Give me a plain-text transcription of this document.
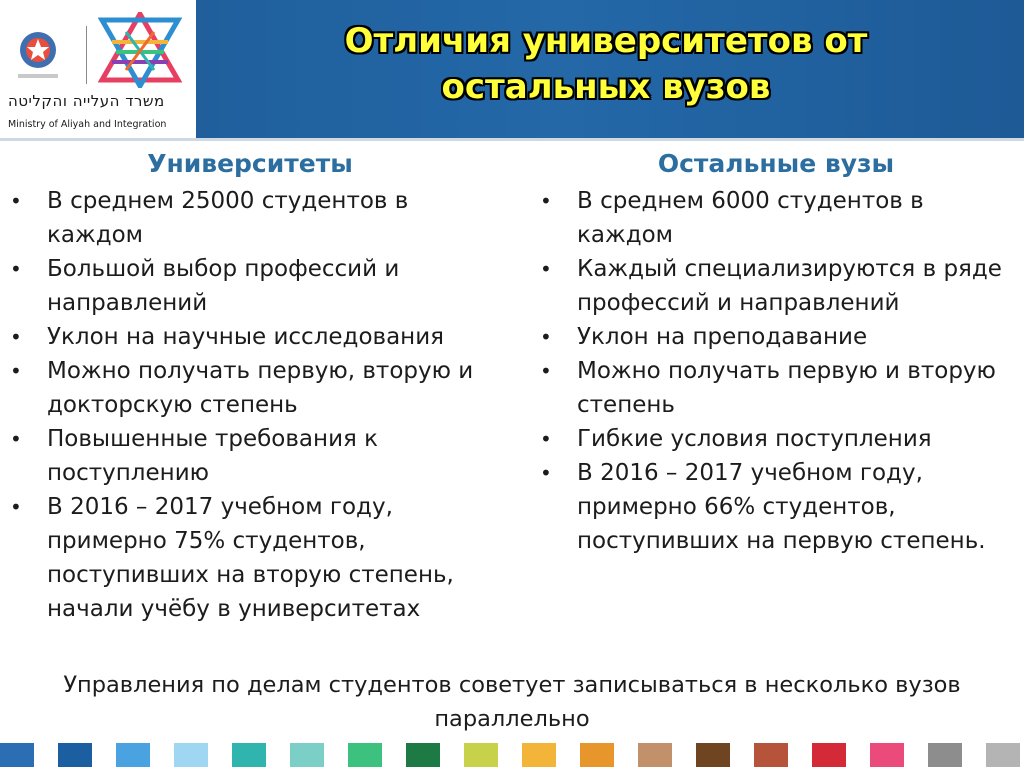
משרד העלייה והקליטה
Ministry of Aliyah and Integration
Отличия университетов от
остальных вузов
Университеты	Остальные вузы
• В среднем 25000 студентов в каждом
• Большой выбор профессий и направлений
• Уклон на научные исследования
• Можно получать первую, вторую и докторскую степень
• Повышенные требования к поступлению
• В 2016 – 2017 учебном году, примерно 75% студентов, поступивших на вторую степень, начали учёбу в университетах
• В среднем 6000 студентов в каждом
• Каждый специализируются в ряде профессий и направлений
• Уклон на преподавание
• Можно получать первую и вторую степень
• Гибкие условия поступления
• В 2016 – 2017 учебном году, примерно 66% студентов, поступивших на первую степень.
Управления по делам студентов советует записываться в несколько вузов параллельно
